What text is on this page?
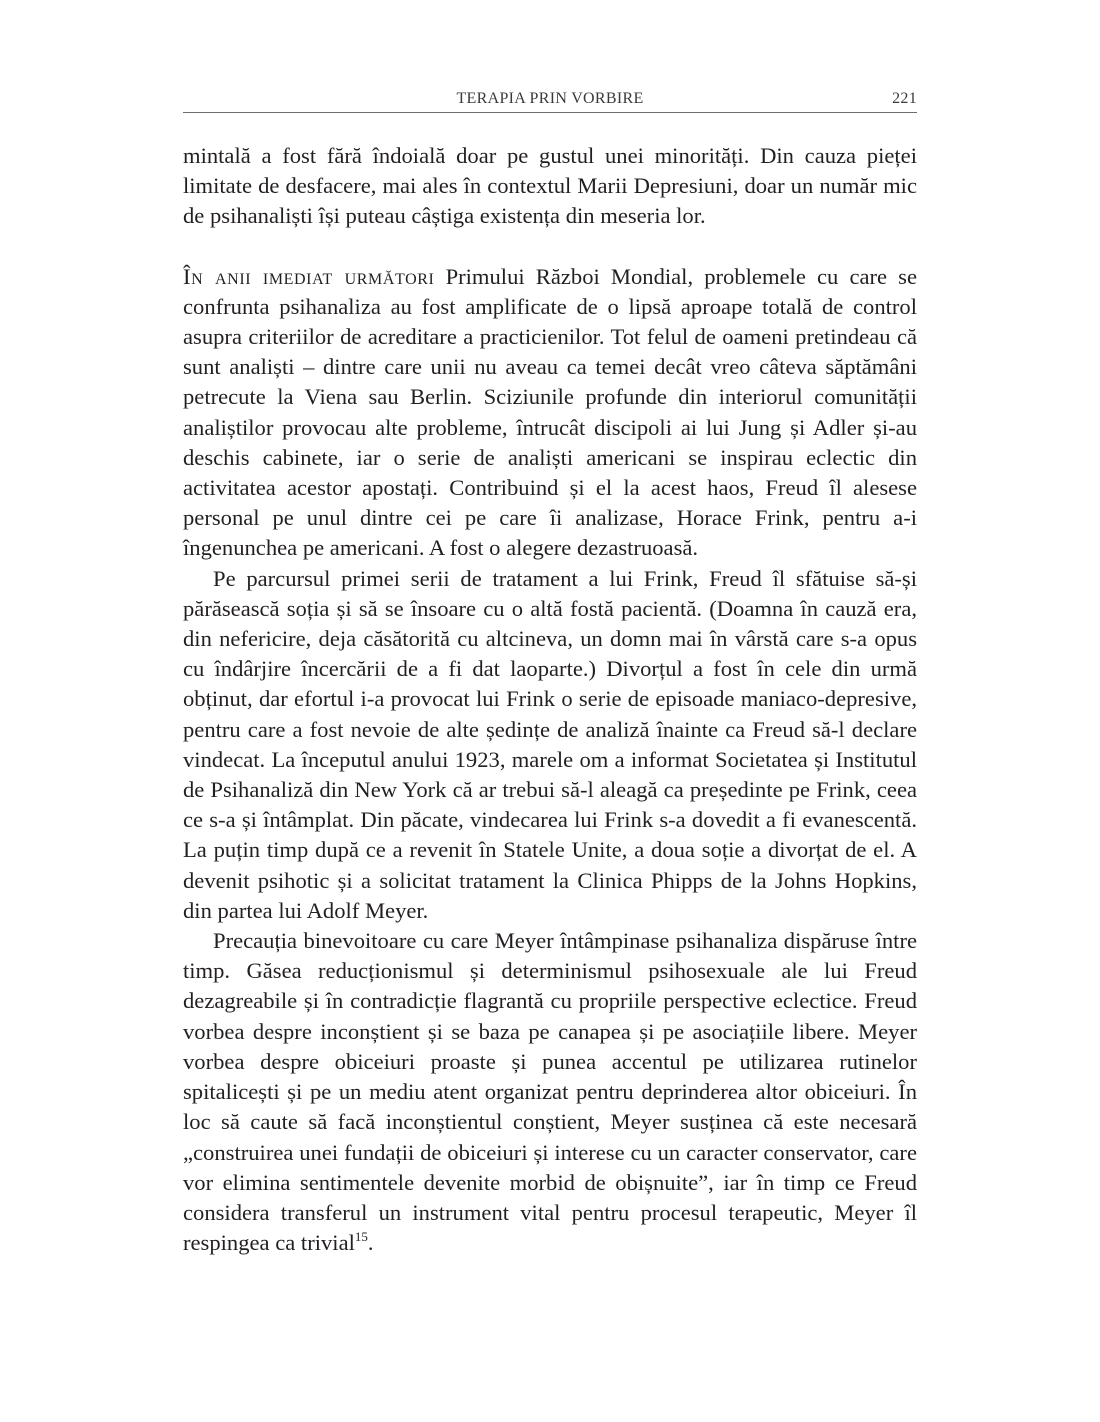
TERAPIA PRIN VORBIRE	221

mintală a fost fără îndoială doar pe gustul unei minorități. Din cauza pieței limitate de desfacere, mai ales în contextul Marii Depresiuni, doar un număr mic de psihanaliști își puteau câștiga existența din meseria lor.

În anii imediat următori Primului Război Mondial, problemele cu care se confrunta psihanaliza au fost amplificate de o lipsă aproape totală de control asupra criteriilor de acreditare a practicienilor. Tot felul de oameni pretindeau că sunt analiști – dintre care unii nu aveau ca temei decât vreo câteva săptămâni petrecute la Viena sau Berlin. Sciziunile profunde din interiorul comunității analiștilor provocau alte probleme, întrucât discipoli ai lui Jung și Adler și-au deschis cabinete, iar o serie de analiști americani se inspirau eclectic din activitatea acestor apostați. Contribuind și el la acest haos, Freud îl alesese personal pe unul dintre cei pe care îi analizase, Horace Frink, pentru a-i îngenunchea pe americani. A fost o alegere dezastruoasă.

Pe parcursul primei serii de tratament a lui Frink, Freud îl sfătuise să-și părăsească soția și să se însoare cu o altă fostă pacientă. (Doamna în cauză era, din nefericire, deja căsătorită cu altcineva, un domn mai în vârstă care s-a opus cu îndârjire încercării de a fi dat laoparte.) Divorțul a fost în cele din urmă obținut, dar efortul i-a provocat lui Frink o serie de episoade maniaco-depresive, pentru care a fost nevoie de alte ședințe de analiză înainte ca Freud să-l declare vindecat. La începutul anului 1923, marele om a informat Societatea și Institutul de Psihanaliză din New York că ar trebui să-l aleagă ca președinte pe Frink, ceea ce s-a și întâmplat. Din păcate, vindecarea lui Frink s-a dovedit a fi evanescentă. La puțin timp după ce a revenit în Statele Unite, a doua soție a divorțat de el. A devenit psihotic și a solicitat tratament la Clinica Phipps de la Johns Hopkins, din partea lui Adolf Meyer.

Precauția binevoitoare cu care Meyer întâmpinase psihanaliza dispăruse între timp. Găsea reducționismul și determinismul psihosexuale ale lui Freud dezagreabile și în contradicție flagrantă cu propriile perspective eclectice. Freud vorbea despre inconștient și se baza pe canapea și pe asociațiile libere. Meyer vorbea despre obiceiuri proaste și punea accentul pe utilizarea rutinelor spitalicești și pe un mediu atent organizat pentru deprinderea altor obiceiuri. În loc să caute să facă inconștientul conștient, Meyer susținea că este necesară „construirea unei fundații de obiceiuri și interese cu un caracter conservator, care vor elimina sentimentele devenite morbid de obișnuite”, iar în timp ce Freud considera transferul un instrument vital pentru procesul terapeutic, Meyer îl respingea ca trivial$^{15}$.
